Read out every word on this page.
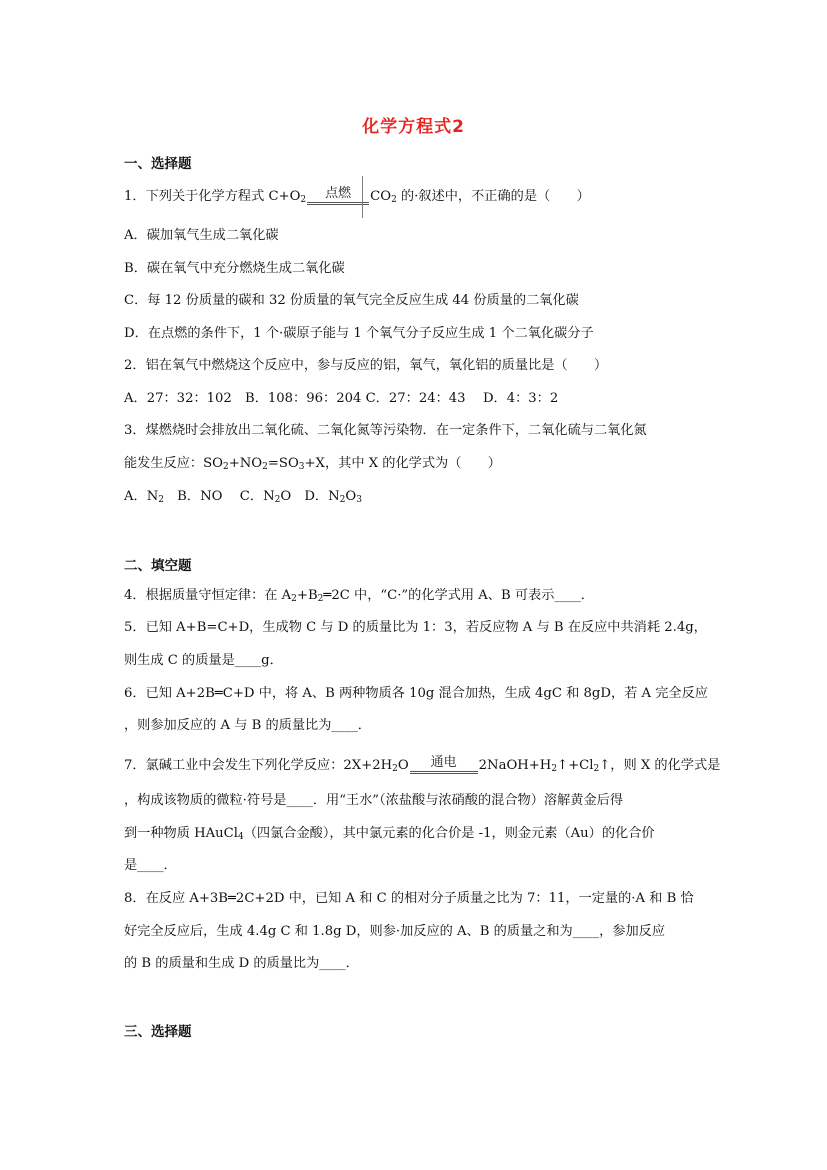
化学方程式2
一、选择题
1．下列关于化学方程式 $C+O_2$	点燃	$CO_2$ 的·叙述中，不正确的是（　　）
A．碳加氧气生成二氧化碳
B．碳在氧气中充分燃烧生成二氧化碳
C．每 12 份质量的碳和 32 份质量的氧气完全反应生成 44 份质量的二氧化碳
D．在点燃的条件下，1 个·碳原子能与 1 个氧气分子反应生成 1 个二氧化碳分子
2．铝在氧气中燃烧这个反应中，参与反应的铝，氧气，氧化铝的质量比是（　　）
A．27：32：102　B．108：96：204 C．27：24：43　 D．4：3：2
3．煤燃烧时会排放出二氧化硫、二氧化氮等污染物．在一定条件下，二氧化硫与二氧化氮
能发生反应：$SO_2+NO_2=SO_3+X$，其中 X 的化学式为（　　）
A．$N_2$　B．NO　 C．$N_2O$　D．$N_2O_3$
二、填空题
4．根据质量守恒定律：在 $A_2+B_2═2C$ 中，“C·”的化学式用 A、B 可表示____．
5．已知 A+B=C+D，生成物 C 与 D 的质量比为 1：3，若反应物 A 与 B 在反应中共消耗 2.4g，
则生成 C 的质量是____g．
6．已知 A+2B═C+D 中，将 A、B 两种物质各 10g 混合加热，生成 4gC 和 8gD，若 A 完全反应
，则参加反应的 A 与 B 的质量比为____．
7．氯碱工业中会发生下列化学反应：$2X+2H_2O$	通电	$2NaOH+H_2↑+Cl_2↑$，则 X 的化学式是
，构成该物质的微粒·符号是____．用“王水”（浓盐酸与浓硝酸的混合物）溶解黄金后得
到一种物质 HAuCl$_4$（四氯合金酸），其中氯元素的化合价是 -1，则金元素（Au）的化合价
是____．
8．在反应 A+3B═2C+2D 中，已知 A 和 C 的相对分子质量之比为 7：11，一定量的·A 和 B 恰
好完全反应后，生成 4.4g C 和 1.8g D，则参·加反应的 A、B 的质量之和为____，参加反应
的 B 的质量和生成 D 的质量比为____．
三、选择题
